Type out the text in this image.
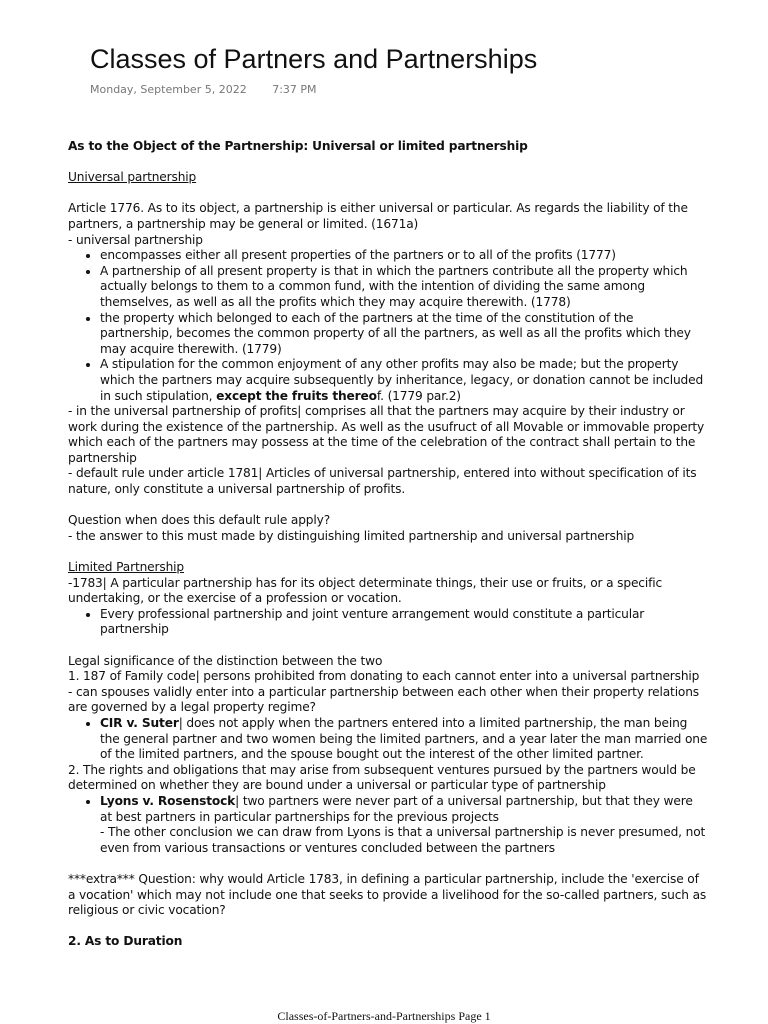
Classes of Partners and Partnerships
Monday, September 5, 2022 7:37 PM

As to the Object of the Partnership: Universal or limited partnership

Universal partnership

Article 1776. As to its object, a partnership is either universal or particular. As regards the liability of the partners, a partnership may be general or limited. (1671a)

- universal partnership

• encompasses either all present properties of the partners or to all of the profits (1777)
• A partnership of all present property is that in which the partners contribute all the property which actually belongs to them to a common fund, with the intention of dividing the same among themselves, as well as all the profits which they may acquire therewith. (1778)
• the property which belonged to each of the partners at the time of the constitution of the partnership, becomes the common property of all the partners, as well as all the profits which they may acquire therewith. (1779)
• A stipulation for the common enjoyment of any other profits may also be made; but the property which the partners may acquire subsequently by inheritance, legacy, or donation cannot be included in such stipulation, except the fruits thereof. (1779 par.2)

- in the universal partnership of profits| comprises all that the partners may acquire by their industry or work during the existence of the partnership. As well as the usufruct of all Movable or immovable property which each of the partners may possess at the time of the celebration of the contract shall pertain to the partnership

- default rule under article 1781| Articles of universal partnership, entered into without specification of its nature, only constitute a universal partnership of profits.

Question when does this default rule apply?

- the answer to this must made by distinguishing limited partnership and universal partnership

Limited Partnership

-1783| A particular partnership has for its object determinate things, their use or fruits, or a specific undertaking, or the exercise of a profession or vocation.

• Every professional partnership and joint venture arrangement would constitute a particular partnership

Legal significance of the distinction between the two

1. 187 of Family code| persons prohibited from donating to each cannot enter into a universal partnership

- can spouses validly enter into a particular partnership between each other when their property relations are governed by a legal property regime?

• CIR v. Suter| does not apply when the partners entered into a limited partnership, the man being the general partner and two women being the limited partners, and a year later the man married one of the limited partners, and the spouse bought out the interest of the other limited partner.

2. The rights and obligations that may arise from subsequent ventures pursued by the partners would be determined on whether they are bound under a universal or particular type of partnership

• Lyons v. Rosenstock| two partners were never part of a universal partnership, but that they were at best partners in particular partnerships for the previous projects
- The other conclusion we can draw from Lyons is that a universal partnership is never presumed, not even from various transactions or ventures concluded between the partners

***extra*** Question: why would Article 1783, in defining a particular partnership, include the 'exercise of a vocation' which may not include one that seeks to provide a livelihood for the so-called partners, such as religious or civic vocation?

2. As to Duration

Classes-of-Partners-and-Partnerships Page 1
